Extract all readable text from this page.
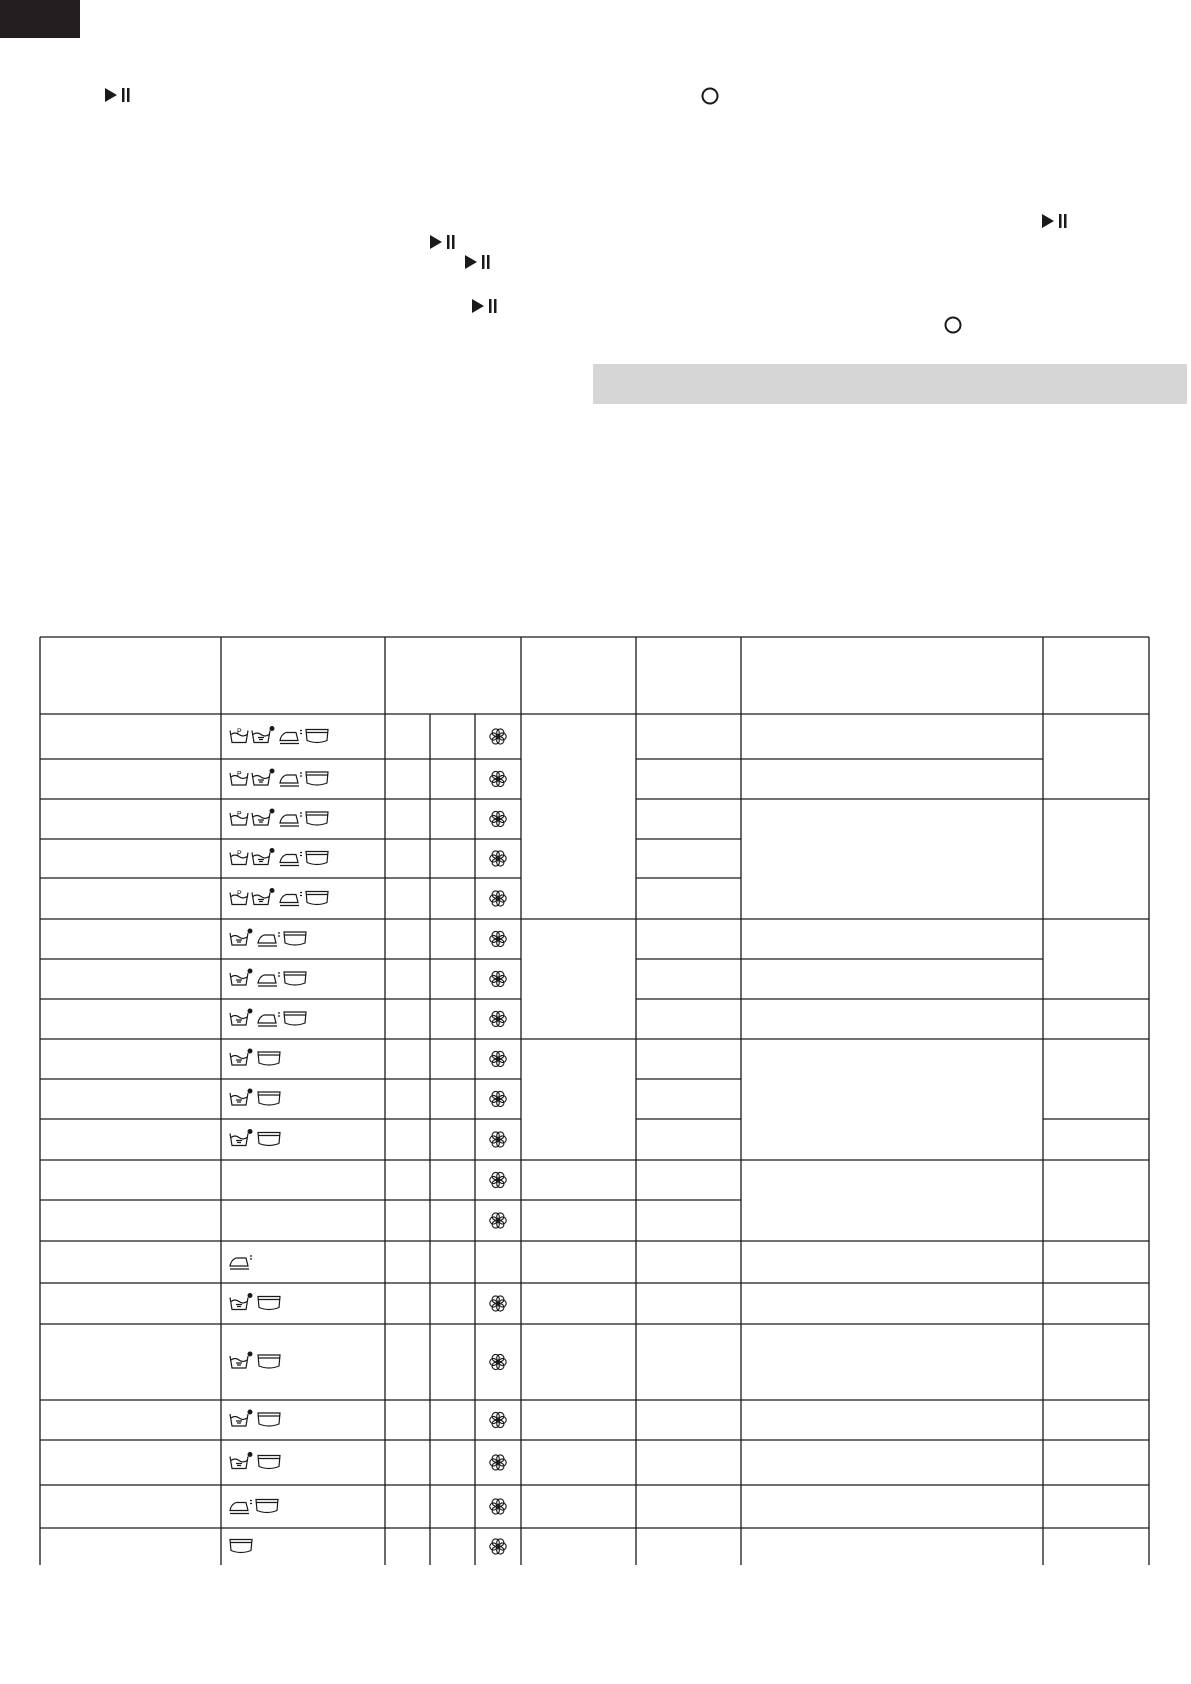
P
P
P
P
P
